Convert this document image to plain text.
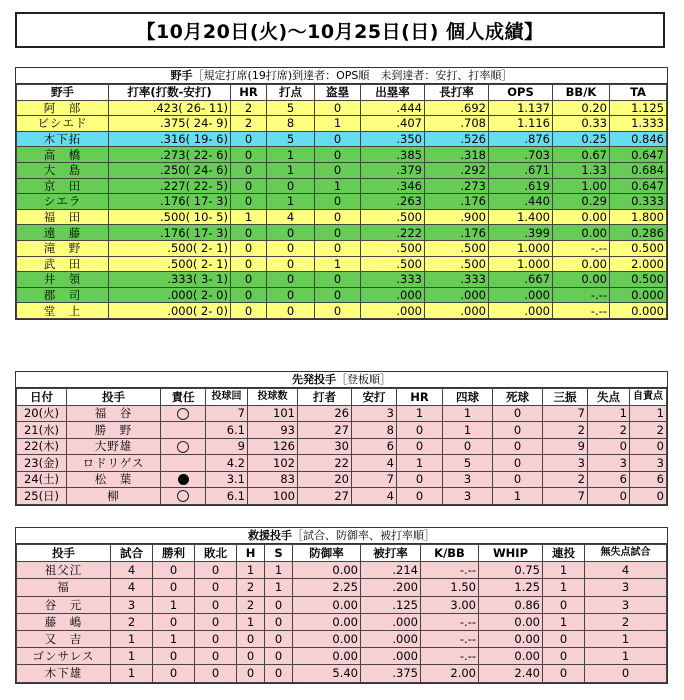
【10月20日(火)～10月25日(日) 個人成績】
野手［規定打席(19打席)到達者：OPS順　未到達者：安打、打率順］
野手	打率(打数-安打)	HR	打点	盗塁	出塁率	長打率	OPS	BB/K	TA
阿　部	.423( 26- 11)	2	5	0	.444	.692	1.137	0.20	1.125
ビシエド	.375( 24- 9)	2	8	1	.407	.708	1.116	0.33	1.333
木下拓	.316( 19- 6)	0	5	0	.350	.526	.876	0.25	0.846
高　橋	.273( 22- 6)	0	1	0	.385	.318	.703	0.67	0.647
大　島	.250( 24- 6)	0	1	0	.379	.292	.671	1.33	0.684
京　田	.227( 22- 5)	0	0	1	.346	.273	.619	1.00	0.647
シエラ	.176( 17- 3)	0	1	0	.263	.176	.440	0.29	0.333
福　田	.500( 10- 5)	1	4	0	.500	.900	1.400	0.00	1.800
遠　藤	.176( 17- 3)	0	0	0	.222	.176	.399	0.00	0.286
滝　野	.500( 2- 1)	0	0	0	.500	.500	1.000	-.--	0.500
武　田	.500( 2- 1)	0	0	1	.500	.500	1.000	0.00	2.000
井　領	.333( 3- 1)	0	0	0	.333	.333	.667	0.00	0.500
郡　司	.000( 2- 0)	0	0	0	.000	.000	.000	-.--	0.000
堂　上	.000( 2- 0)	0	0	0	.000	.000	.000	-.--	0.000
先発投手［登板順］
日付	投手	責任	投球回	投球数	打者	安打	HR	四球	死球	三振	失点	自責点
20(火)	福　谷		7	101	26	3	1	1	0	7	1	1
21(水)	勝　野		6.1	93	27	8	0	1	0	2	2	2
22(木)	大野雄		9	126	30	6	0	0	0	9	0	0
23(金)	ロドリゲス		4.2	102	22	4	1	5	0	3	3	3
24(土)	松　葉		3.1	83	20	7	0	3	0	2	6	6
25(日)	柳		6.1	100	27	4	0	3	1	7	0	0
救援投手［試合、防御率、被打率順］
投手	試合	勝利	敗北	H	S	防御率	被打率	K/BB	WHIP	連投	無失点試合
祖父江	4	0	0	1	1	0.00	.214	-.--	0.75	1	4
福	4	0	0	2	1	2.25	.200	1.50	1.25	1	3
谷　元	3	1	0	2	0	0.00	.125	3.00	0.86	0	3
藤　嶋	2	0	0	1	0	0.00	.000	-.--	0.00	1	2
又　吉	1	1	0	0	0	0.00	.000	-.--	0.00	0	1
ゴンサレス	1	0	0	0	0	0.00	.000	-.--	0.00	0	1
木下雄	1	0	0	0	0	5.40	.375	2.00	2.40	0	0
